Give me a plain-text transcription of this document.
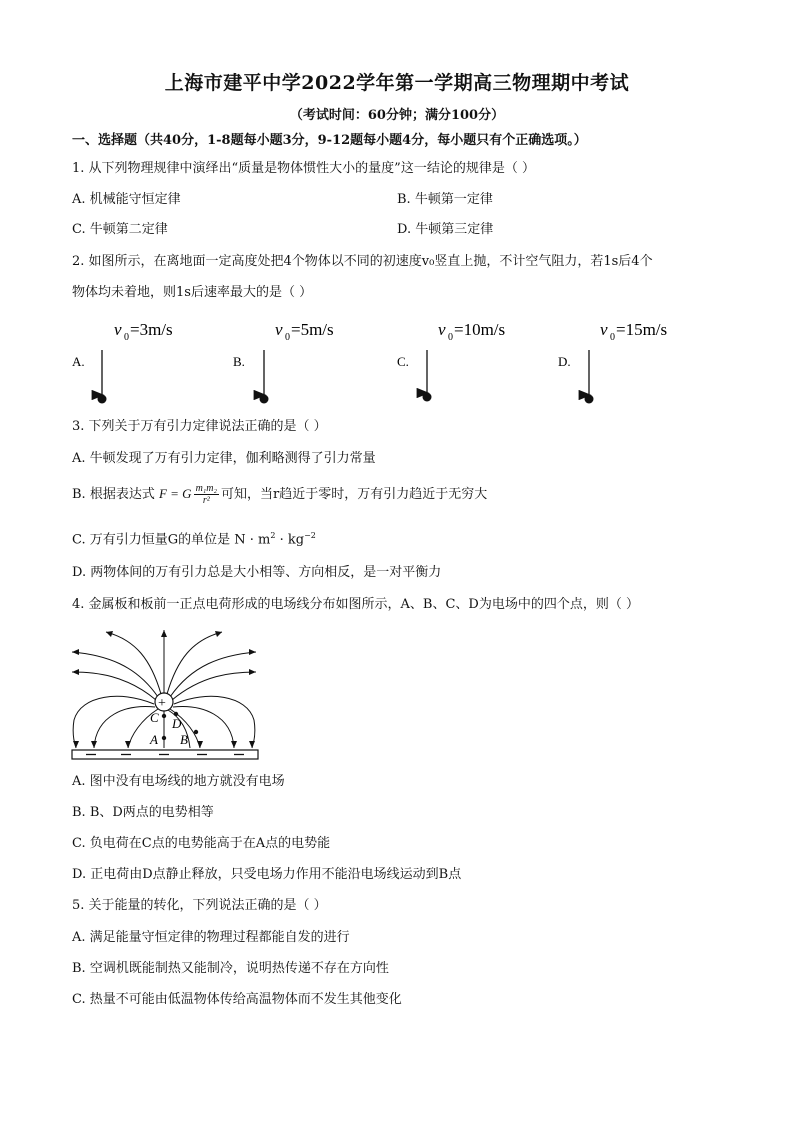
上海市建平中学2022学年第一学期高三物理期中考试
（考试时间：60分钟；满分100分）
一、选择题（共40分，1-8题每小题3分，9-12题每小题4分，每小题只有个正确选项。）
1. 从下列物理规律中演绎出“质量是物体惯性大小的量度”这一结论的规律是（ ）
A. 机械能守恒定律	B. 牛顿第一定律
C. 牛顿第二定律	D. 牛顿第三定律
2. 如图所示，在离地面一定高度处把4个物体以不同的初速度v₀竖直上抛，不计空气阻力，若1s后4个
物体均未着地，则1s后速率最大的是（ ）
A.
v 0 =3m/s
B.
v 0 =5m/s
C.
v 0 =10m/s
D.
v 0 =15m/s
3. 下列关于万有引力定律说法正确的是（ ）
A. 牛顿发现了万有引力定律，伽利略测得了引力常量
B. 根据表达式 F = G $\frac{\text{m₁m₂}}{\text{r²}}$ 可知，当r趋近于零时，万有引力趋近于无穷大
C. 万有引力恒量G的单位是 $N \cdot m^2 \cdot kg^{-2}$
D. 两物体间的万有引力总是大小相等、方向相反，是一对平衡力
4. 金属板和板前一正点电荷形成的电场线分布如图所示，A、B、C、D为电场中的四个点，则（ ）
+
C D
A B
A. 图中没有电场线的地方就没有电场
B. B、D两点的电势相等
C. 负电荷在C点的电势能高于在A点的电势能
D. 正电荷由D点静止释放，只受电场力作用不能沿电场线运动到B点
5. 关于能量的转化，下列说法正确的是（ ）
A. 满足能量守恒定律的物理过程都能自发的进行
B. 空调机既能制热又能制冷，说明热传递不存在方向性
C. 热量不可能由低温物体传给高温物体而不发生其他变化
